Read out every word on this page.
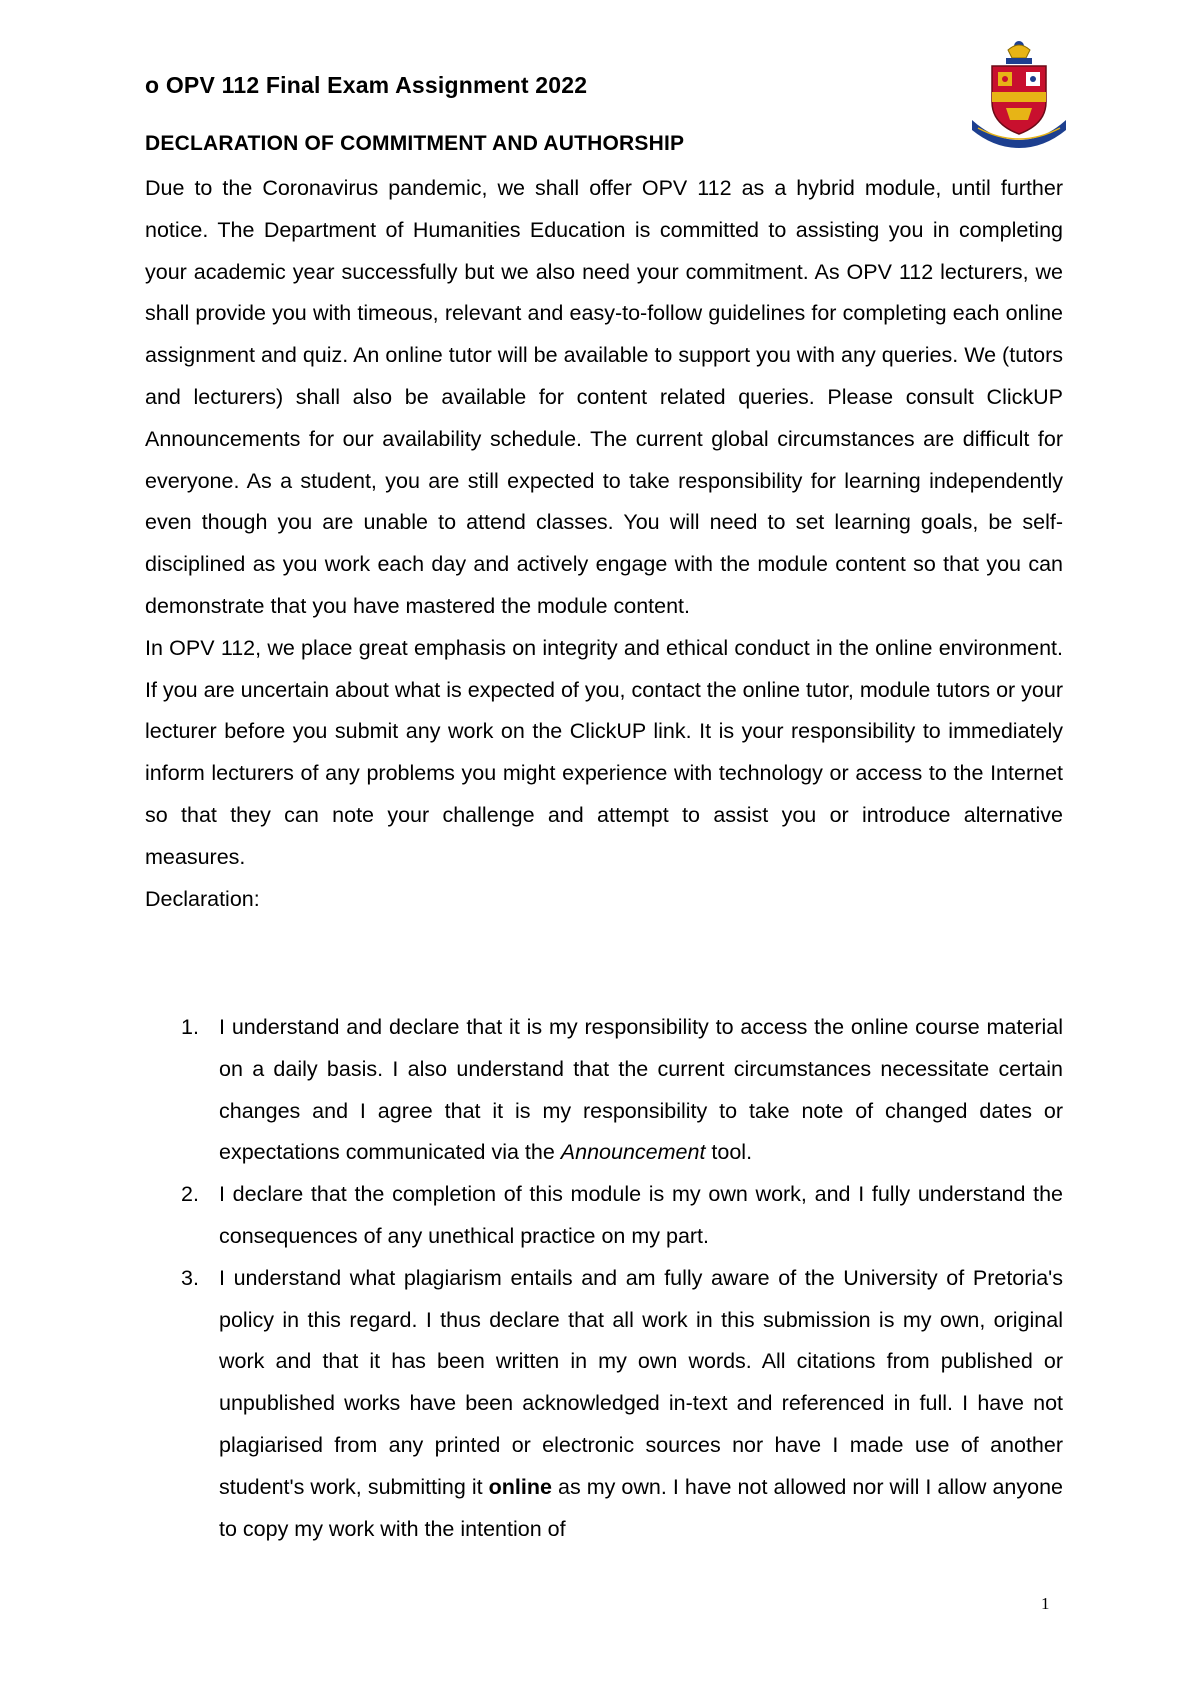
o OPV 112 Final Exam Assignment 2022
DECLARATION OF COMMITMENT AND AUTHORSHIP

Due to the Coronavirus pandemic, we shall offer OPV 112 as a hybrid module, until further notice. The Department of Humanities Education is committed to assisting you in completing your academic year successfully but we also need your commitment. As OPV 112 lecturers, we shall provide you with timeous, relevant and easy-to-follow guidelines for completing each online assignment and quiz. An online tutor will be available to support you with any queries. We (tutors and lecturers) shall also be available for content related queries. Please consult ClickUP Announcements for our availability schedule. The current global circumstances are difficult for everyone. As a student, you are still expected to take responsibility for learning independently even though you are unable to attend classes. You will need to set learning goals, be self-disciplined as you work each day and actively engage with the module content so that you can demonstrate that you have mastered the module content.

In OPV 112, we place great emphasis on integrity and ethical conduct in the online environment. If you are uncertain about what is expected of you, contact the online tutor, module tutors or your lecturer before you submit any work on the ClickUP link. It is your responsibility to immediately inform lecturers of any problems you might experience with technology or access to the Internet so that they can note your challenge and attempt to assist you or introduce alternative measures.

Declaration:

1. I understand and declare that it is my responsibility to access the online course material on a daily basis. I also understand that the current circumstances necessitate certain changes and I agree that it is my responsibility to take note of changed dates or expectations communicated via the Announcement tool.
2. I declare that the completion of this module is my own work, and I fully understand the consequences of any unethical practice on my part.
3. I understand what plagiarism entails and am fully aware of the University of Pretoria's policy in this regard. I thus declare that all work in this submission is my own, original work and that it has been written in my own words. All citations from published or unpublished works have been acknowledged in-text and referenced in full. I have not plagiarised from any printed or electronic sources nor have I made use of another student's work, submitting it online as my own. I have not allowed nor will I allow anyone to copy my work with the intention of
1
